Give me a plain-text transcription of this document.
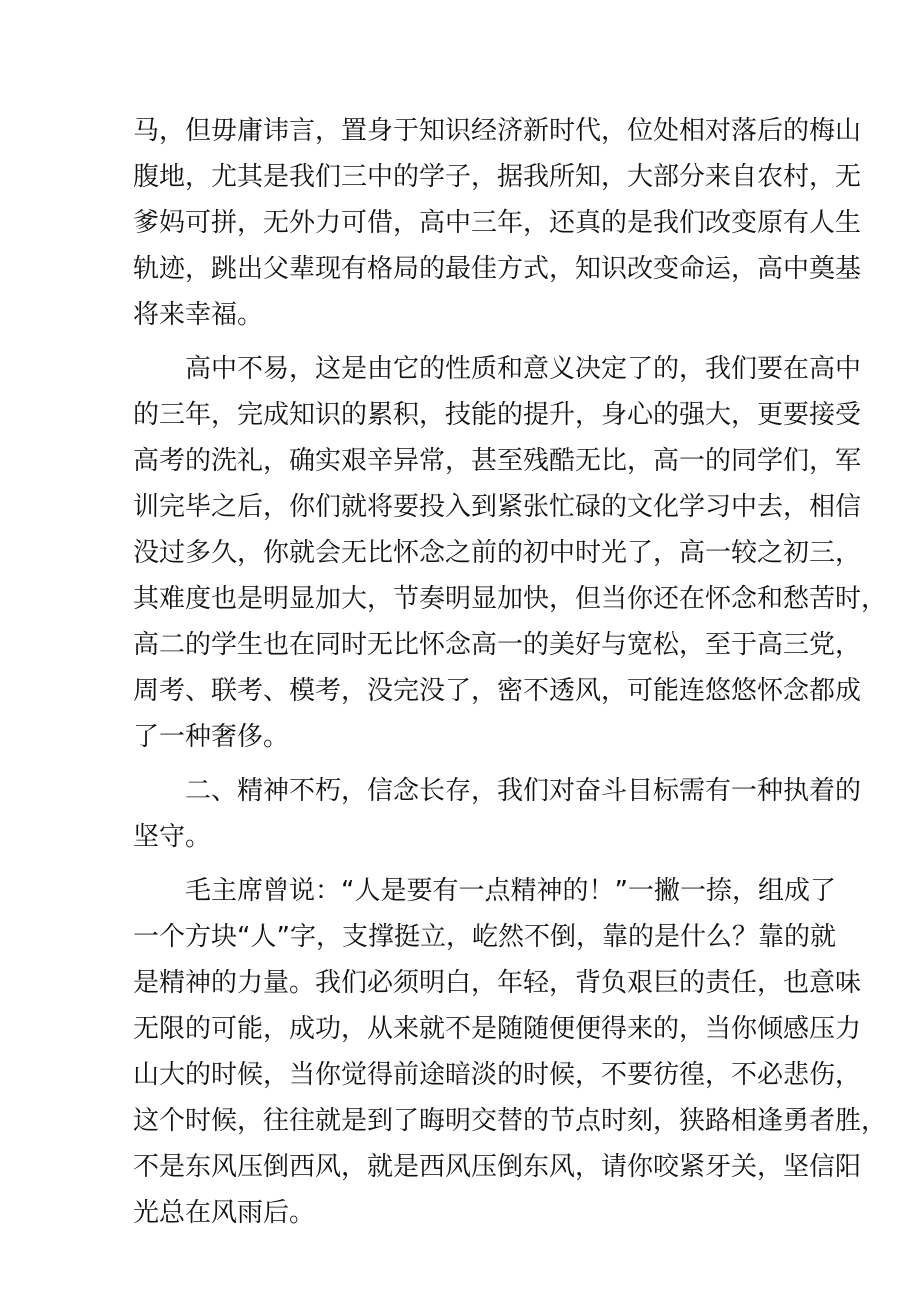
马，但毋庸讳言，置身于知识经济新时代，位处相对落后的梅山
腹地，尤其是我们三中的学子，据我所知，大部分来自农村，无
爹妈可拼，无外力可借，高中三年，还真的是我们改变原有人生
轨迹，跳出父辈现有格局的最佳方式，知识改变命运，高中奠基
将来幸福。
　　高中不易，这是由它的性质和意义决定了的，我们要在高中
的三年，完成知识的累积，技能的提升，身心的强大，更要接受
高考的洗礼，确实艰辛异常，甚至残酷无比，高一的同学们，军
训完毕之后，你们就将要投入到紧张忙碌的文化学习中去，相信
没过多久，你就会无比怀念之前的初中时光了，高一较之初三，
其难度也是明显加大，节奏明显加快，但当你还在怀念和愁苦时，
高二的学生也在同时无比怀念高一的美好与宽松，至于高三党，
周考、联考、模考，没完没了，密不透风，可能连悠悠怀念都成
了一种奢侈。
　　二、精神不朽，信念长存，我们对奋斗目标需有一种执着的
坚守。
　　毛主席曾说：“人是要有一点精神的！”一撇一捺，组成了
一个方块“人”字，支撑挺立，屹然不倒，靠的是什么？靠的就
是精神的力量。我们必须明白，年轻，背负艰巨的责任，也意味
无限的可能，成功，从来就不是随随便便得来的，当你倾感压力
山大的时候，当你觉得前途暗淡的时候，不要彷徨，不必悲伤，
这个时候，往往就是到了晦明交替的节点时刻，狭路相逢勇者胜，
不是东风压倒西风，就是西风压倒东风，请你咬紧牙关，坚信阳
光总在风雨后。
